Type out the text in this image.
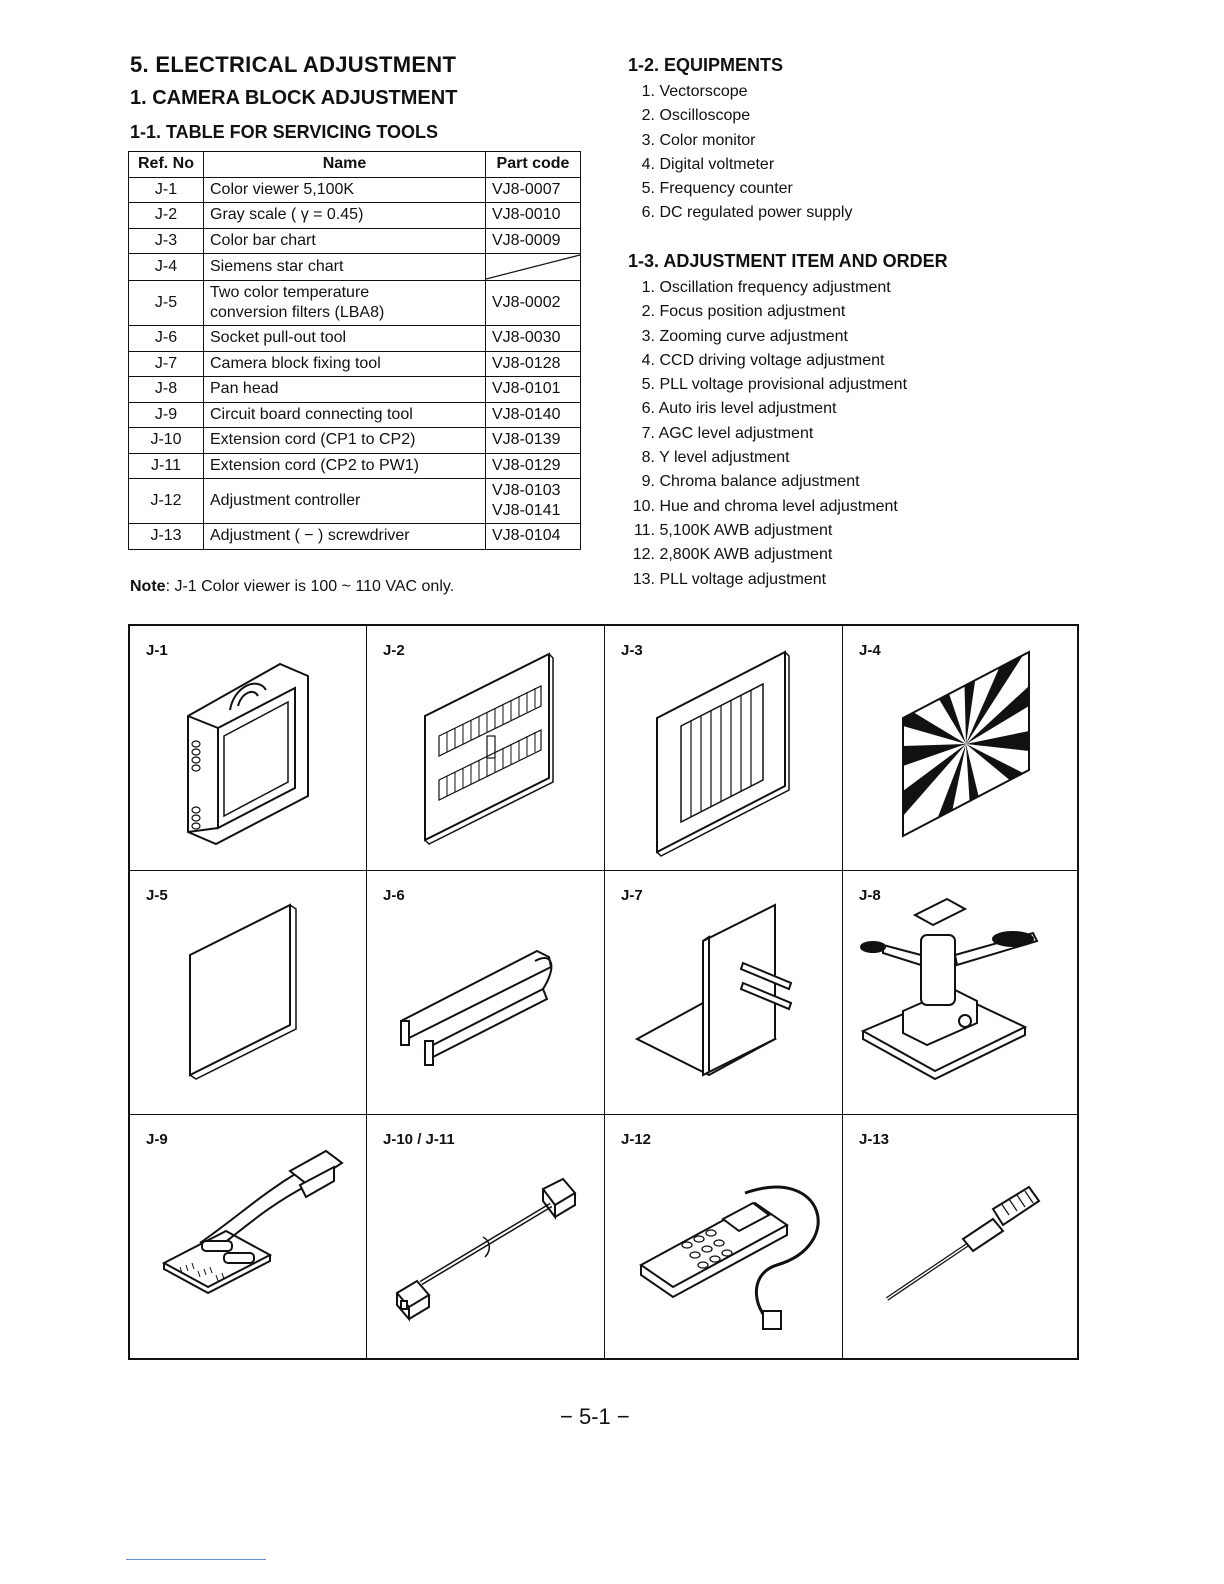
5. ELECTRICAL ADJUSTMENT
1. CAMERA BLOCK ADJUSTMENT
1-1. TABLE FOR SERVICING TOOLS
Ref. No	Name	Part code
J-1	Color viewer 5,100K	VJ8-0007
J-2	Gray scale ( γ = 0.45)	VJ8-0010
J-3	Color bar chart	VJ8-0009
J-4	Siemens star chart	

J-5	Two color temperature
conversion filters (LBA8)	VJ8-0002
J-6	Socket pull-out tool	VJ8-0030
J-7	Camera block fixing tool	VJ8-0128
J-8	Pan head	VJ8-0101
J-9	Circuit board connecting tool	VJ8-0140
J-10	Extension cord (CP1 to CP2)	VJ8-0139
J-11	Extension cord (CP2 to PW1)	VJ8-0129
J-12	Adjustment controller	VJ8-0103
VJ8-0141

J-13	Adjustment ( − ) screwdriver	VJ8-0104
Note: J-1 Color viewer is 100 ~ 110 VAC only.
1-2. EQUIPMENTS
1. Vectorscope
2. Oscilloscope
3. Color monitor
4. Digital voltmeter
5. Frequency counter
6. DC regulated power supply
1-3. ADJUSTMENT ITEM AND ORDER
1. Oscillation frequency adjustment
2. Focus position adjustment
3. Zooming curve adjustment
4. CCD driving voltage adjustment
5. PLL voltage provisional adjustment
6. Auto iris level adjustment
7. AGC level adjustment
8. Y level adjustment
9. Chroma balance adjustment
10. Hue and chroma level adjustment
11. 5,100K AWB adjustment
12. 2,800K AWB adjustment
13. PLL voltage adjustment
J-1	J-2	J-3	J-4
J-5	J-6	J-7	J-8
J-9	J-10 / J-11	J-12	J-13
− 5-1 −
